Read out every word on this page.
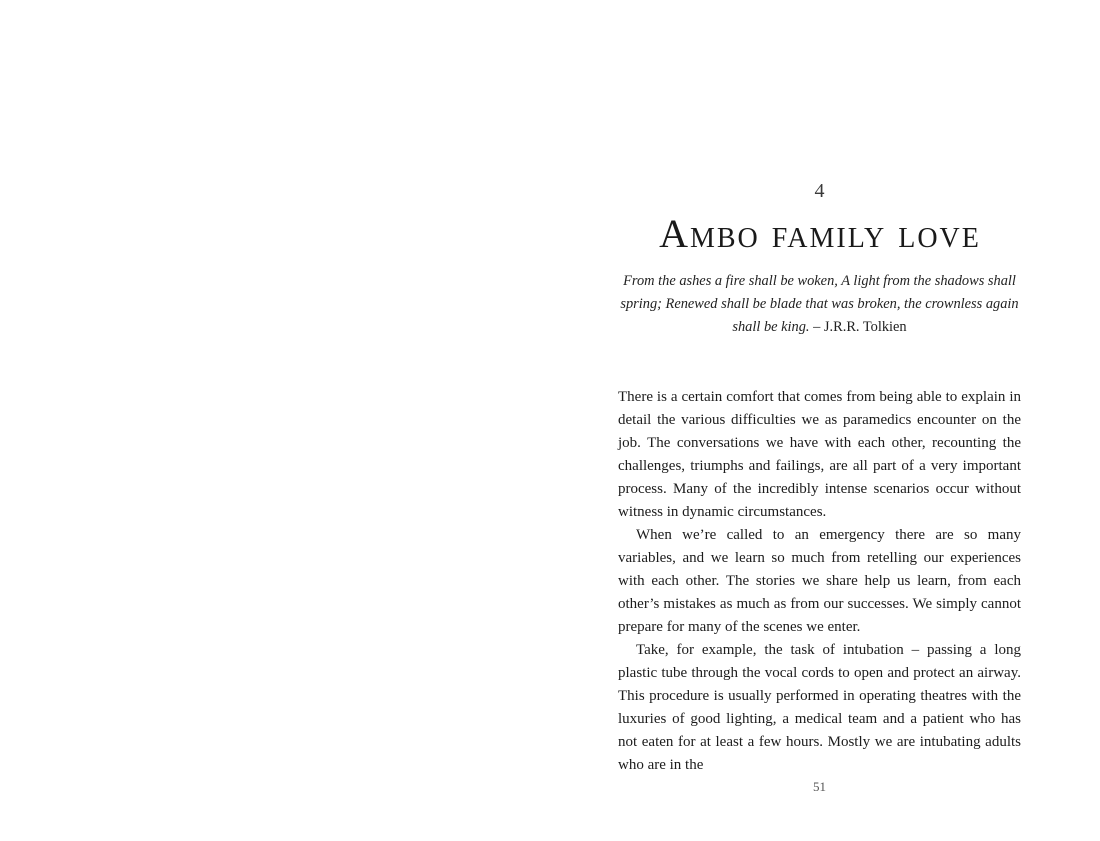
4
Ambo family love
From the ashes a fire shall be woken, A light from the shadows shall spring; Renewed shall be blade that was broken, the crownless again shall be king. – J.R.R. Tolkien

There is a certain comfort that comes from being able to explain in detail the various difficulties we as paramedics encounter on the job. The conversations we have with each other, recounting the challenges, triumphs and failings, are all part of a very important process. Many of the incredibly intense scenarios occur without witness in dynamic circumstances.

When we’re called to an emergency there are so many variables, and we learn so much from retelling our experiences with each other. The stories we share help us learn, from each other’s mistakes as much as from our successes. We simply cannot prepare for many of the scenes we enter.

Take, for example, the task of intubation – passing a long plastic tube through the vocal cords to open and protect an airway. This procedure is usually performed in operating theatres with the luxuries of good lighting, a medical team and a patient who has not eaten for at least a few hours. Mostly we are intubating adults who are in the

51
